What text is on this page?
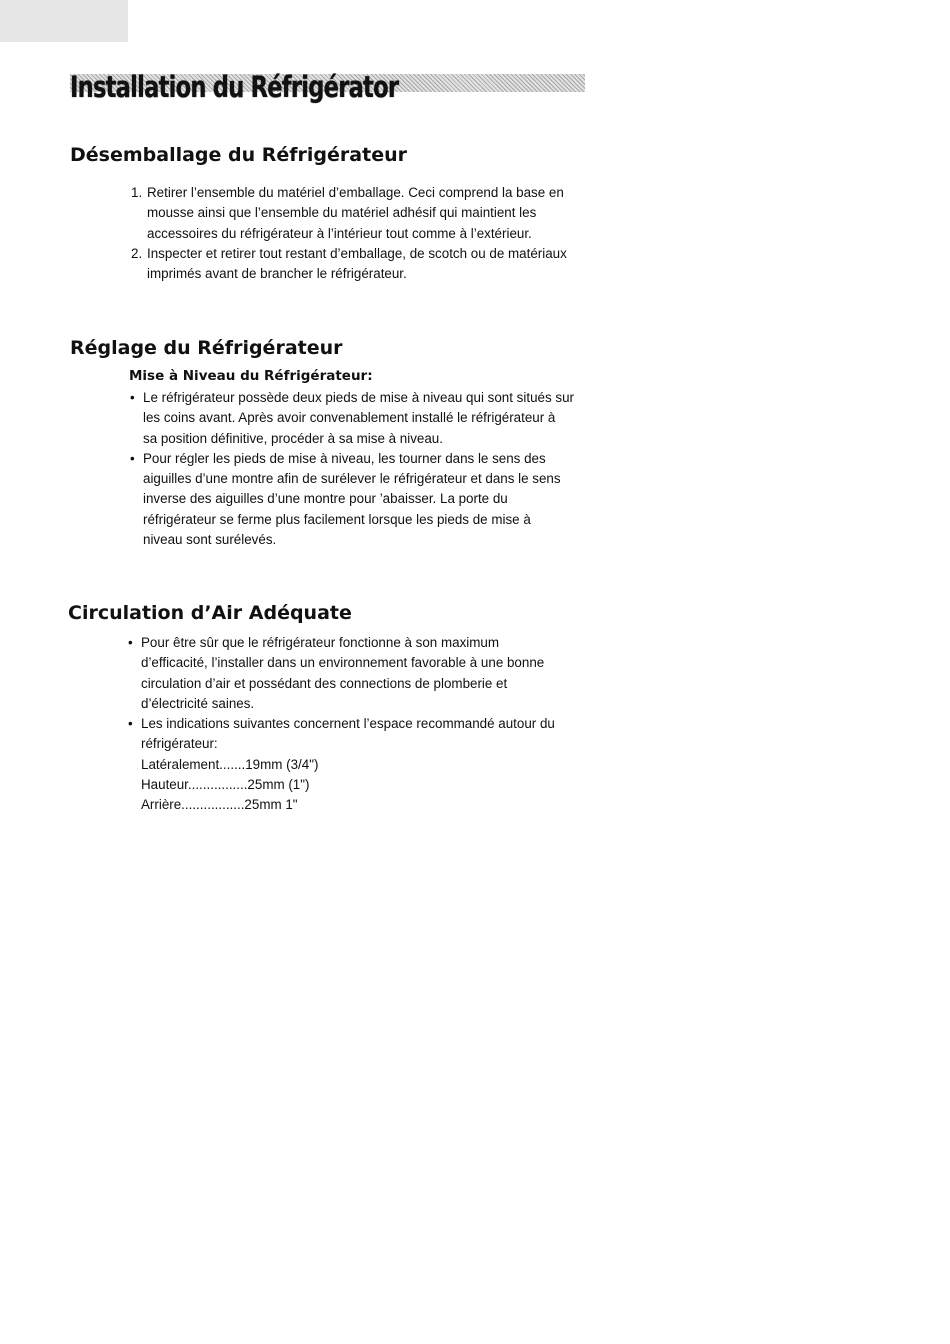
Installation du Réfrigérator
Désemballage du Réfrigérateur
1. Retirer l’ensemble du matériel d’emballage. Ceci comprend la base en
mousse ainsi que l’ensemble du matériel adhésif qui maintient les
accessoires du réfrigérateur à l’intérieur tout comme à l’extérieur.
2. Inspecter et retirer tout restant d’emballage, de scotch ou de matériaux
imprimés avant de brancher le réfrigérateur.
Réglage du Réfrigérateur
Mise à Niveau du Réfrigérateur:
• Le réfrigérateur possède deux pieds de mise à niveau qui sont situés sur
les coins avant. Après avoir convenablement installé le réfrigérateur à
sa position définitive, procéder à sa mise à niveau.
• Pour régler les pieds de mise à niveau, les tourner dans le sens des
aiguilles d’une montre afin de surélever le réfrigérateur et dans le sens
inverse des aiguilles d’une montre pour ’abaisser. La porte du
réfrigérateur se ferme plus facilement lorsque les pieds de mise à
niveau sont surélevés.
Circulation d’Air Adéquate
• Pour être sûr que le réfrigérateur fonctionne à son maximum
d’efficacité, l’installer dans un environnement favorable à une bonne
circulation d’air et possédant des connections de plomberie et
d’électricité saines.
• Les indications suivantes concernent l’espace recommandé autour du
réfrigérateur:
Latéralement.......19mm (3/4")
Hauteur................25mm (1")
Arrière.................25mm 1"
